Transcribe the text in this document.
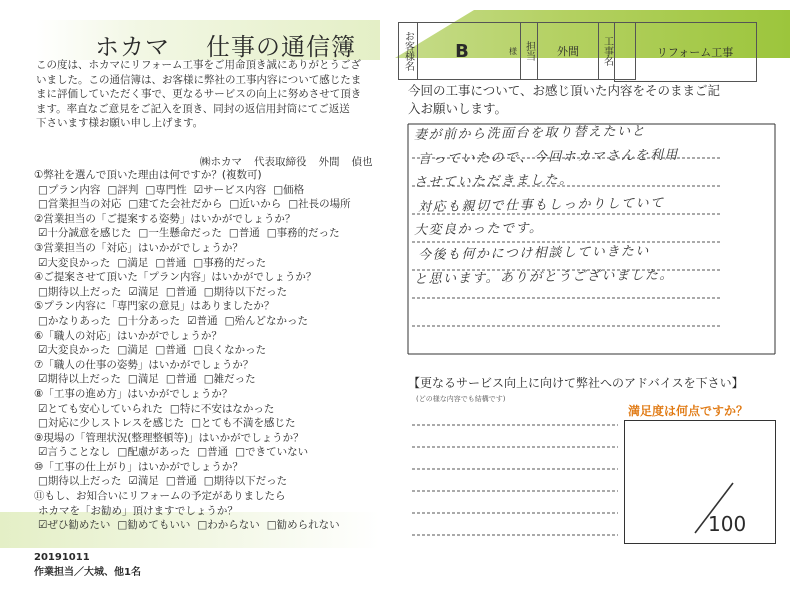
ホカマ 仕事の通信簿
この度は、ホカマにリフォーム工事をご用命頂き誠にありがとうござ
いました。この通信簿は、お客様に弊社の工事内容について感じたま
まに評価していただく事で、更なるサービスの向上に努めさせて頂き
ます。率直なご意見をご記入を頂き、同封の返信用封筒にてご返送
下さいます様お願い申し上げます。
㈱ホカマ 代表取締役 外間 偵也
①弊社を選んで頂いた理由は何ですか？(複数可)
□プラン内容 □評判 □専門性 ☑サービス内容 □価格
□営業担当の対応 □建てた会社だから □近いから □社長の場所
②営業担当の「ご提案する姿勢」はいかがでしょうか？
☑十分誠意を感じた □一生懸命だった □普通 □事務的だった
③営業担当の「対応」はいかがでしょうか？
☑大変良かった □満足 □普通 □事務的だった
④ご提案させて頂いた「プラン内容」はいかがでしょうか？
□期待以上だった ☑満足 □普通 □期待以下だった
⑤プラン内容に「専門家の意見」はありましたか？
□かなりあった □十分あった ☑普通 □殆んどなかった
⑥「職人の対応」はいかがでしょうか？
☑大変良かった □満足 □普通 □良くなかった
⑦「職人の仕事の姿勢」はいかがでしょうか？
☑期待以上だった □満足 □普通 □雑だった
⑧「工事の進め方」はいかがでしょうか？
☑とても安心していられた □特に不安はなかった
□対応に少しストレスを感じた □とても不満を感じた
⑨現場の「管理状況(整理整頓等)」はいかがでしょうか？
☑言うことなし □配慮があった □普通 □できていない
⑩「工事の仕上がり」はいかがでしょうか？
□期待以上だった ☑満足 □普通 □期待以下だった
⑪もし、お知合いにリフォームの予定がありましたら
ホカマを「お勧め」頂けますでしょうか？
☑ぜひ勧めたい □勧めてもいい □わからない □勧められない
20191011
作業担当／大城、他1名
お客様名	B	様 担当	外間	工事名	リフォーム工事
今回の工事について、お感じ頂いた内容をそのままご記
入お願いします。
妻が前から洗面台を取り替えたいと
言っていたので、今回ホカマさんを利用
させていただきました。
対応も親切で仕事もしっかりしていて
大変良かったです。
今後も何かにつけ相談していきたい
と思います。ありがとうございました。
【更なるサービス向上に向けて弊社へのアドバイスを下さい】
(どの様な内容でも結構です)
満足度は何点ですか？
100
